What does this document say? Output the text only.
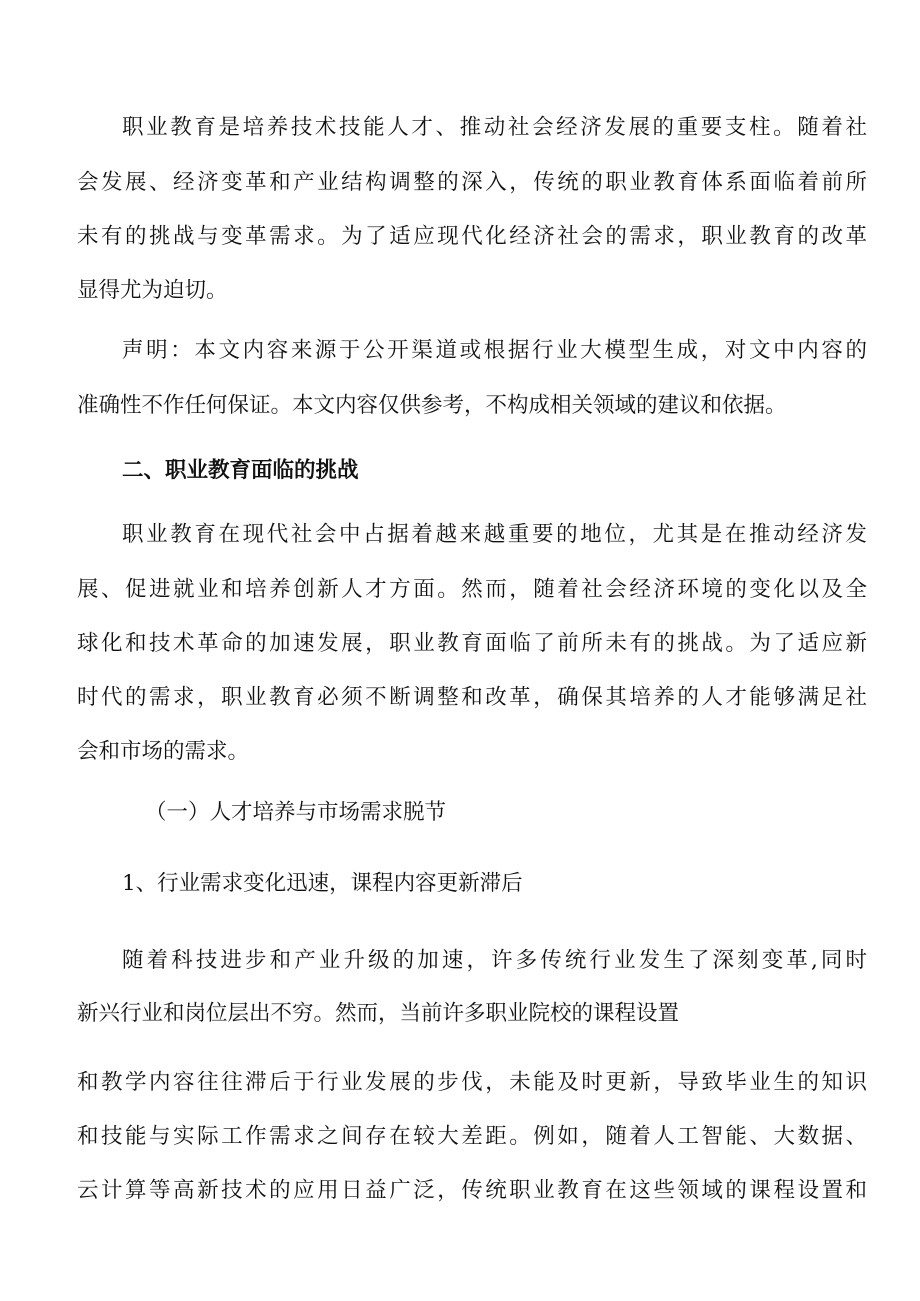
职业教育是培养技术技能人才、推动社会经济发展的重要支柱。随着社
会发展、经济变革和产业结构调整的深入，传统的职业教育体系面临着前所
未有的挑战与变革需求。为了适应现代化经济社会的需求，职业教育的改革
显得尤为迫切。
声明：本文内容来源于公开渠道或根据行业大模型生成，对文中内容的
准确性不作任何保证。本文内容仅供参考，不构成相关领域的建议和依据。
二、职业教育面临的挑战
职业教育在现代社会中占据着越来越重要的地位，尤其是在推动经济发
展、促进就业和培养创新人才方面。然而，随着社会经济环境的变化以及全
球化和技术革命的加速发展，职业教育面临了前所未有的挑战。为了适应新
时代的需求，职业教育必须不断调整和改革，确保其培养的人才能够满足社
会和市场的需求。
（一）人才培养与市场需求脱节
1、行业需求变化迅速，课程内容更新滞后
随着科技进步和产业升级的加速，许多传统行业发生了深刻变革,同时
新兴行业和岗位层出不穷。然而，当前许多职业院校的课程设置
和教学内容往往滞后于行业发展的步伐，未能及时更新，导致毕业生的知识
和技能与实际工作需求之间存在较大差距。例如，随着人工智能、大数据、
云计算等高新技术的应用日益广泛，传统职业教育在这些领域的课程设置和
